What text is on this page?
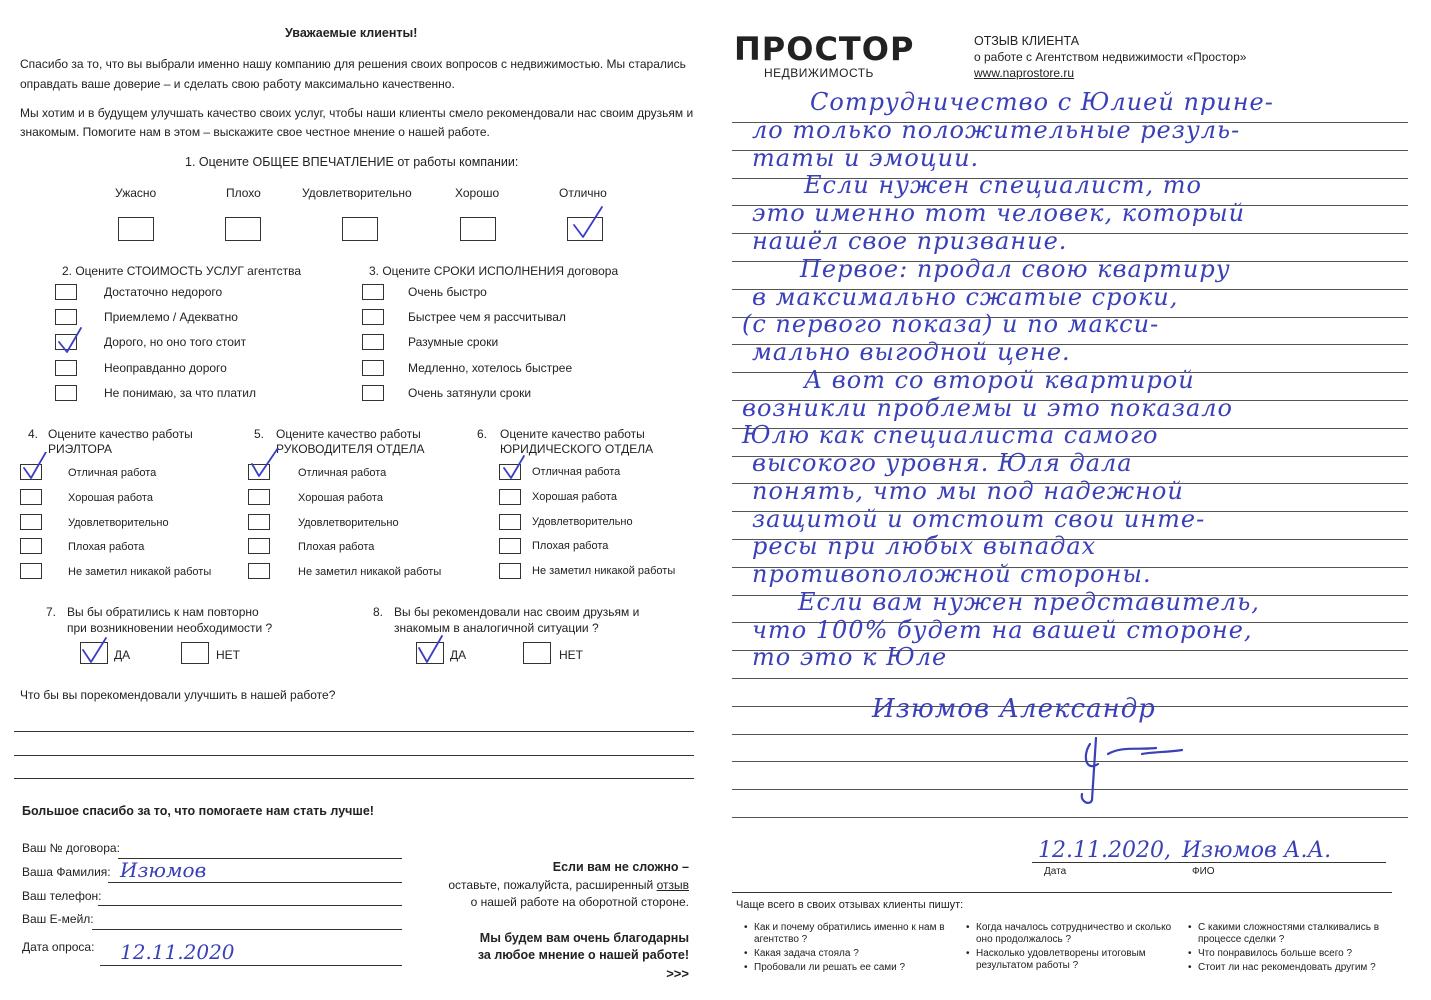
Уважаемые клиенты!
Спасибо за то, что вы выбрали именно нашу компанию для решения своих вопросов с недвижимостью. Мы старались
оправдать ваше доверие – и сделать свою работу максимально качественно.
Мы хотим и в будущем улучшать качество своих услуг, чтобы наши клиенты смело рекомендовали нас своим друзьям и
знакомым. Помогите нам в этом – выскажите свое честное мнение о нашей работе.
1. Оцените ОБЩЕЕ ВПЕЧАТЛЕНИЕ от работы компании:
Ужасно	Плохо	Удовлетворительно	Хорошо	Отлично
2. Оцените СТОИМОСТЬ УСЛУГ агентства
Достаточно недорого
Приемлемо / Адекватно
Дорого, но оно того стоит
Неоправданно дорого
Не понимаю, за что платил
3. Оцените СРОКИ ИСПОЛНЕНИЯ договора
Очень быстро
Быстрее чем я рассчитывал
Разумные сроки
Медленно, хотелось быстрее
Очень затянули сроки
4. Оцените качество работы
РИЭЛТОРА
Отличная работа
Хорошая работа
Удовлетворительно
Плохая работа
Не заметил никакой работы
5. Оцените качество работы
РУКОВОДИТЕЛЯ ОТДЕЛА
Отличная работа
Хорошая работа
Удовлетворительно
Плохая работа
Не заметил никакой работы
6. Оцените качество работы
ЮРИДИЧЕСКОГО ОТДЕЛА
Отличная работа
Хорошая работа
Удовлетворительно
Плохая работа
Не заметил никакой работы
7. Вы бы обратились к нам повторно
при возникновении необходимости ?
ДА	НЕТ
8. Вы бы рекомендовали нас своим друзьям и
знакомым в аналогичной ситуации ?
ДА	НЕТ
Что бы вы порекомендовали улучшить в нашей работе?
Большое спасибо за то, что помогаете нам стать лучше!
Ваш № договора:
Ваша Фамилия: Изюмов
Ваш телефон:
Ваш Е-мейл:
Дата опроса: 12.11.2020
Если вам не сложно –
оставьте, пожалуйста, расширенный отзыв
о нашей работе на оборотной стороне.
Мы будем вам очень благодарны
за любое мнение о нашей работе!
>>>
ПРОСТОР
НЕДВИЖИМОСТЬ
ОТЗЫВ КЛИЕНТА
о работе с Агентством недвижимости «Простор»
www.naprostore.ru
Сотрудничество с Юлией прине-
ло только положительные резуль-
таты и эмоции.
Если нужен специалист, то
это именно тот человек, который
нашёл свое призвание.
Первое: продал свою квартиру
в максимально сжатые сроки,
(с первого показа) и по макси-
мально выгодной цене.
А вот со второй квартирой
возникли проблемы и это показало
Юлю как специалиста самого
высокого уровня. Юля дала
понять, что мы под надежной
защитой и отстоит свои инте-
ресы при любых выпадах
противоположной стороны.
Если вам нужен представитель,
что 100% будет на вашей стороне,
то это к Юле
Изюмов Александр
12.11.2020, Изюмов А.А.
Дата	ФИО
Чаще всего в своих отзывах клиенты пишут:
• Как и почему обратились именно к нам в
агентство ?
• Какая задача стояла ?
• Пробовали ли решать ее сами ?
• Когда началось сотрудничество и сколько
оно продолжалось ?
• Насколько удовлетворены итоговым
результатом работы ?
• С какими сложностями сталкивались в
процессе сделки ?
• Что понравилось больше всего ?
• Стоит ли нас рекомендовать другим ?
